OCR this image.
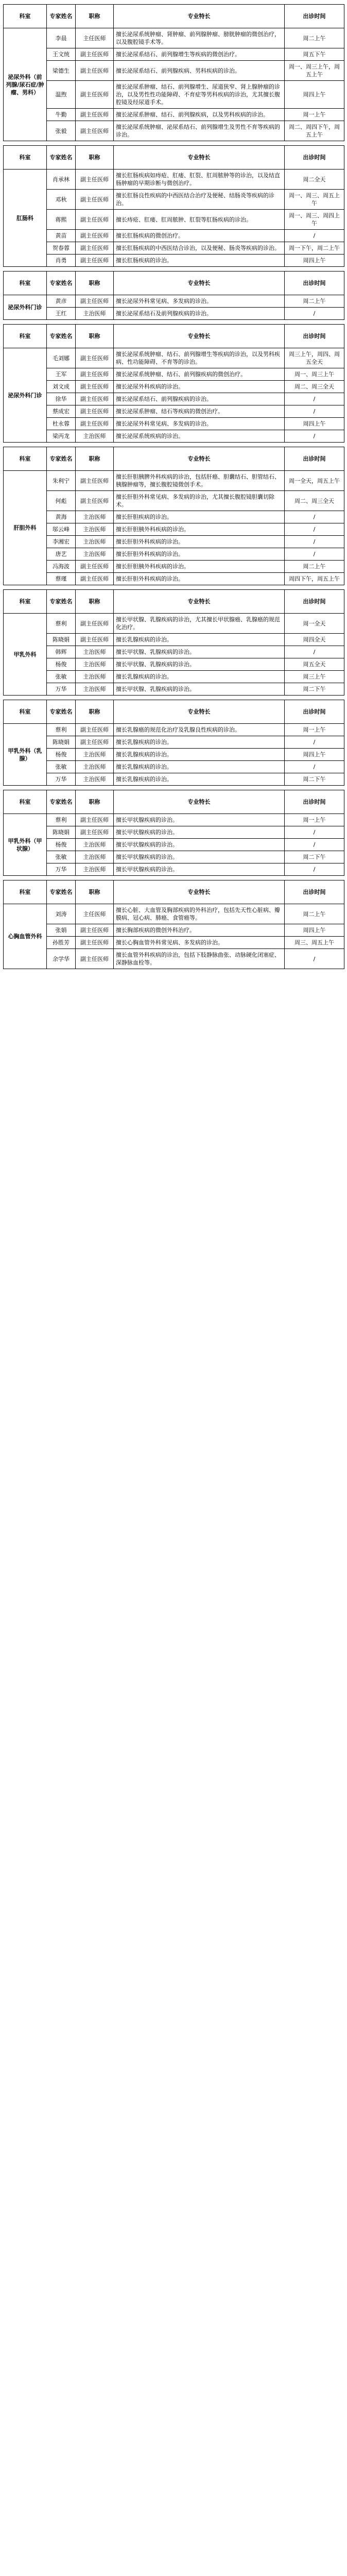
科室	专家姓名	职称	专业特长	出诊时间
泌尿外科（前列腺/尿石症/肿瘤、男科）	李晨	主任医师	擅长泌尿系统肿瘤、肾肿瘤、前列腺肿瘤、膀胱肿瘤的微创治疗，以及腹腔镜手术等。	周二上午
	王文统	副主任医师	擅长泌尿系结石、前列腺增生等疾病的微创治疗。	周五下午
	梁德生	副主任医师	擅长泌尿系结石、前列腺疾病、男科疾病的诊治。	周一、周三上午，周五上午
	温煦	副主任医师	擅长泌尿系肿瘤、结石、前列腺增生、尿道狭窄、肾上腺肿瘤的诊治，以及男性性功能障碍、不育症等男科疾病的诊治，尤其擅长腹腔镜及经尿道手术。	周四上午
	牛勤	副主任医师	擅长泌尿系肿瘤、结石、前列腺疾病，以及男科疾病的诊治。	周一上午
	张毅	副主任医师	擅长泌尿系统肿瘤、泌尿系结石、前列腺增生及男性不育等疾病的诊治。	周二、周四下午，周五上午
科室	专家姓名	职称	专业特长	出诊时间
肛肠科	肖承林	副主任医师	擅长肛肠疾病如痔疮、肛瘘、肛裂、肛周脓肿等的诊治，以及结直肠肿瘤的早期诊断与微创治疗。	周二全天
	邓秋	副主任医师	擅长肛肠良性疾病的中西医结合治疗及便秘、结肠炎等疾病的诊治。	周一、周三、周五上午
	蒋熙	副主任医师	擅长痔疮、肛瘘、肛周脓肿、肛裂等肛肠疾病的诊治。	周一、周三、周四上午
	黄苗	副主任医师	擅长肛肠疾病的微创治疗。	/
	贺春蓉	副主任医师	擅长肛肠疾病的中西医结合诊治，以及便秘、肠炎等疾病的诊治。	周一下午，周二上午
	肖勇	副主任医师	擅长肛肠疾病的诊治。	周四上午
科室	专家姓名	职称	专业特长	出诊时间
泌尿外科门诊	黄彦	副主任医师	擅长泌尿外科常见病、多发病的诊治。	周二上午
	王红	主治医师	擅长泌尿系结石及前列腺疾病的诊治。	/
科室	专家姓名	职称	专业特长	出诊时间
泌尿外科门诊	毛刘娜	副主任医师	擅长泌尿系统肿瘤、结石、前列腺增生等疾病的诊治，以及男科疾病、性功能障碍、不育等的诊治。	周三上午，周四、周五全天
	王军	副主任医师	擅长泌尿系统肿瘤、结石、前列腺疾病的微创治疗。	周一、周三上午
	刘文成	副主任医师	擅长泌尿外科疾病的诊治。	周二、周三全天
	徐华	副主任医师	擅长泌尿系结石、前列腺疾病的诊治。	/
	蔡成宏	副主任医师	擅长泌尿系肿瘤、结石等疾病的微创治疗。	/
	杜永蓉	副主任医师	擅长泌尿外科常见病、多发病的诊治。	周四上午
	梁丙龙	主治医师	擅长泌尿系统疾病的诊治。	/
科室	专家姓名	职称	专业特长	出诊时间
肝胆外科	朱利宁	副主任医师	擅长肝胆胰脾外科疾病的诊治，包括肝癌、胆囊结石、胆管结石、胰腺肿瘤等，擅长腹腔镜微创手术。	周一全天，周五上午
	何彪	副主任医师	擅长肝胆外科常见病、多发病的诊治，尤其擅长腹腔镜胆囊切除术。	周二、周三全天
	黄海	主治医师	擅长肝胆疾病的诊治。	/
	邬云峰	主治医师	擅长肝胆胰外科疾病的诊治。	/
	李湘宏	主治医师	擅长肝胆外科疾病的诊治。	/
	唐艺	主治医师	擅长肝胆外科疾病的诊治。	/
	冯海波	副主任医师	擅长肝胆胰外科疾病的诊治。	周二上午
	蔡瑾	副主任医师	擅长肝胆外科疾病的诊治。	周四下午，周五上午
科室	专家姓名	职称	专业特长	出诊时间
甲乳外科	蔡利	副主任医师	擅长甲状腺、乳腺疾病的诊治，尤其擅长甲状腺癌、乳腺癌的规范化治疗。	周一全天
	陈晓娟	副主任医师	擅长乳腺疾病的诊治。	周四全天
	韩辉	主治医师	擅长甲状腺、乳腺疾病的诊治。	/
	杨俊	主治医师	擅长甲状腺、乳腺疾病的诊治。	周五全天
	张敏	主治医师	擅长乳腺疾病的诊治。	周三上午
	万华	主治医师	擅长甲状腺、乳腺疾病的诊治。	周二下午
科室	专家姓名	职称	专业特长	出诊时间
甲乳外科（乳腺）	蔡利	副主任医师	擅长乳腺癌的规范化治疗及乳腺良性疾病的诊治。	周一上午
	陈晓娟	副主任医师	擅长乳腺疾病的诊治。	/
	杨俊	主治医师	擅长乳腺疾病的诊治。	周四上午
	张敏	主治医师	擅长乳腺疾病的诊治。	/
	万华	主治医师	擅长乳腺疾病的诊治。	周二下午
科室	专家姓名	职称	专业特长	出诊时间
甲乳外科（甲状腺）	蔡利	副主任医师	擅长甲状腺疾病的诊治。	周一上午
	陈晓娟	副主任医师	擅长甲状腺疾病的诊治。	/
	杨俊	主治医师	擅长甲状腺疾病的诊治。	/
	张敏	主治医师	擅长甲状腺疾病的诊治。	周二下午
	万华	主治医师	擅长甲状腺疾病的诊治。	/
科室	专家姓名	职称	专业特长	出诊时间
心胸血管外科	刘涛	主任医师	擅长心脏、大血管及胸部疾病的外科治疗，包括先天性心脏病、瓣膜病、冠心病、肺癌、食管癌等。	周二上午
	张娟	副主任医师	擅长胸部疾病的微创外科治疗。	周四上午
	孙胜芳	副主任医师	擅长心胸血管外科常见病、多发病的诊治。	周三、周五上午
	余学华	副主任医师	擅长血管外科疾病的诊治，包括下肢静脉曲张、动脉硬化闭塞症、深静脉血栓等。	/
